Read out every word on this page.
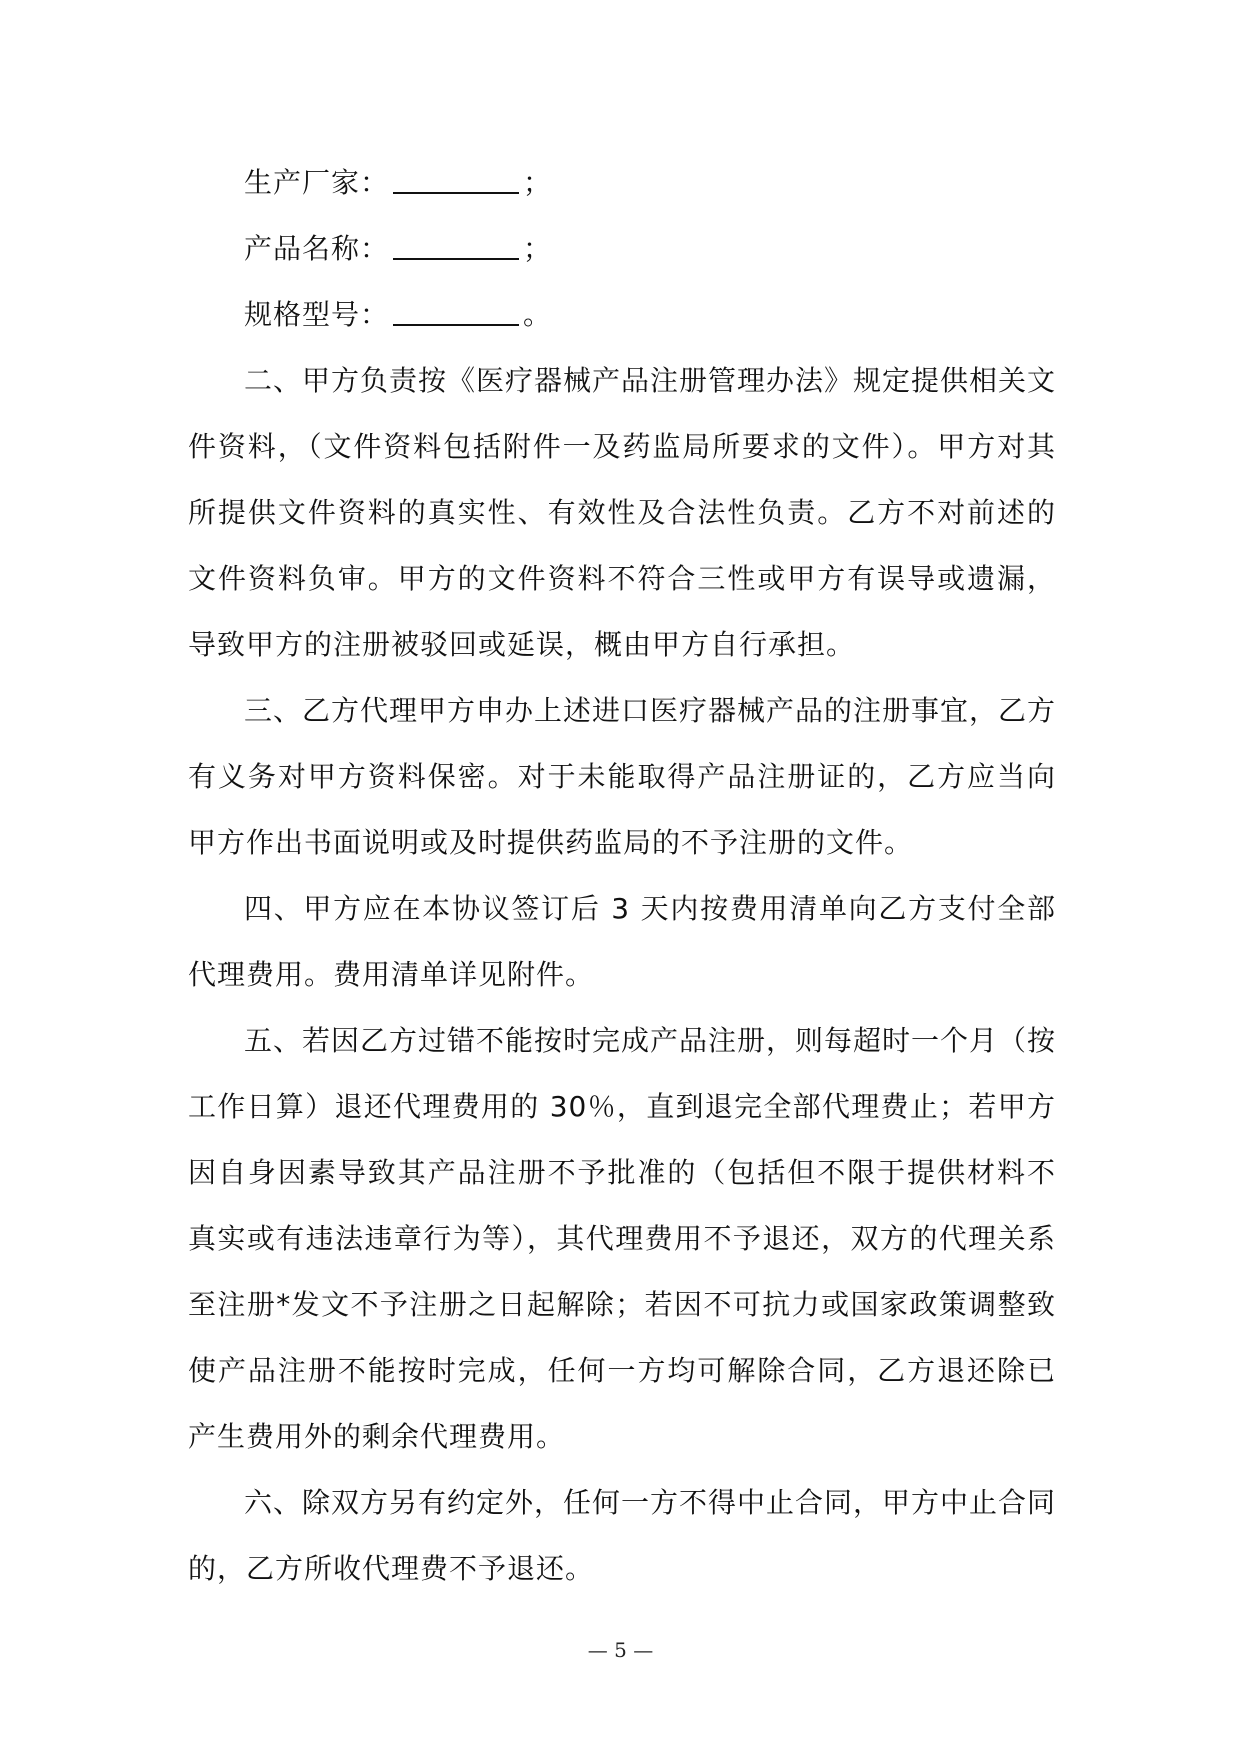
生产厂家：	；
产品名称：	；
规格型号：	。

二、甲方负责按《医疗器械产品注册管理办法》规定提供相关文件资料，（文件资料包括附件一及药监局所要求的文件）。甲方对其所提供文件资料的真实性、有效性及合法性负责。乙方不对前述的文件资料负审。甲方的文件资料不符合三性或甲方有误导或遗漏，导致甲方的注册被驳回或延误，概由甲方自行承担。

三、乙方代理甲方申办上述进口医疗器械产品的注册事宜，乙方有义务对甲方资料保密。对于未能取得产品注册证的，乙方应当向甲方作出书面说明或及时提供药监局的不予注册的文件。

四、甲方应在本协议签订后 3 天内按费用清单向乙方支付全部代理费用。费用清单详见附件。

五、若因乙方过错不能按时完成产品注册，则每超时一个月（按工作日算）退还代理费用的 30％，直到退完全部代理费止；若甲方因自身因素导致其产品注册不予批准的（包括但不限于提供材料不真实或有违法违章行为等），其代理费用不予退还，双方的代理关系至注册*发文不予注册之日起解除；若因不可抗力或国家政策调整致使产品注册不能按时完成，任何一方均可解除合同，乙方退还除已产生费用外的剩余代理费用。

六、除双方另有约定外，任何一方不得中止合同，甲方中止合同的，乙方所收代理费不予退还。

— 5 —
